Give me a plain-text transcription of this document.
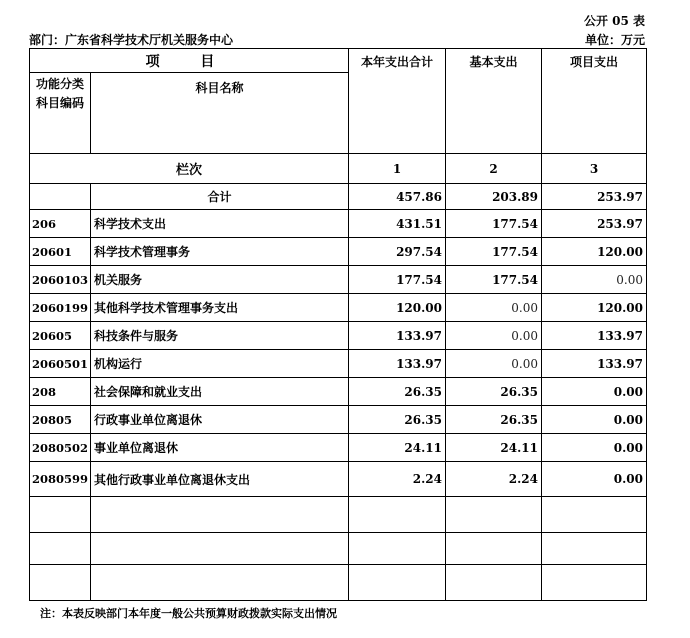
公开 05 表
部门：广东省科学技术厅机关服务中心	单位：万元
项 目		本年支出合计	基本支出	项目支出
功能分类科目编码	科目名称			
栏次		1	2	3
	合计	457.86	203.89	253.97
206	科学技术支出	431.51	177.54	253.97
20601	科学技术管理事务	297.54	177.54	120.00
2060103	机关服务	177.54	177.54	0.00
2060199	其他科学技术管理事务支出	120.00	0.00	120.00
20605	科技条件与服务	133.97	0.00	133.97
2060501	机构运行	133.97	0.00	133.97
208	社会保障和就业支出	26.35	26.35	0.00
20805	行政事业单位离退休	26.35	26.35	0.00
2080502	事业单位离退休	24.11	24.11	0.00
2080599	其他行政事业单位离退休支出	2.24	2.24	0.00

注：本表反映部门本年度一般公共预算财政拨款实际支出情况
